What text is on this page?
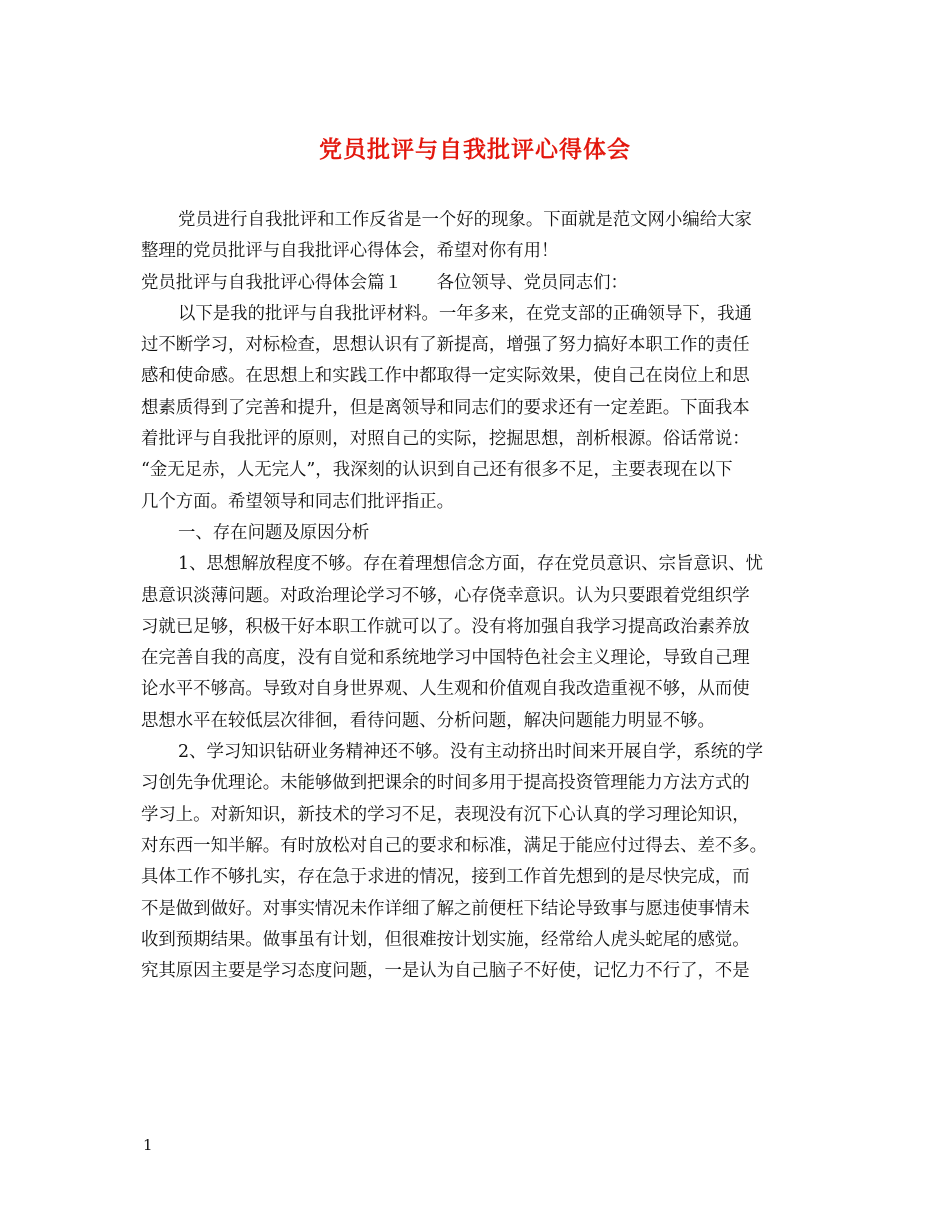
党员批评与自我批评心得体会
党员进行自我批评和工作反省是一个好的现象。下面就是范文网小编给大家
整理的党员批评与自我批评心得体会，希望对你有用！
党员批评与自我批评心得体会篇１　　各位领导、党员同志们：
以下是我的批评与自我批评材料。一年多来，在党支部的正确领导下，我通
过不断学习，对标检查，思想认识有了新提高，增强了努力搞好本职工作的责任
感和使命感。在思想上和实践工作中都取得一定实际效果，使自己在岗位上和思
想素质得到了完善和提升，但是离领导和同志们的要求还有一定差距。下面我本
着批评与自我批评的原则，对照自己的实际，挖掘思想，剖析根源。俗话常说：
“金无足赤，人无完人”，我深刻的认识到自己还有很多不足，主要表现在以下
几个方面。希望领导和同志们批评指正。
一、存在问题及原因分析
1、思想解放程度不够。存在着理想信念方面，存在党员意识、宗旨意识、忧
患意识淡薄问题。对政治理论学习不够，心存侥幸意识。认为只要跟着党组织学
习就已足够，积极干好本职工作就可以了。没有将加强自我学习提高政治素养放
在完善自我的高度，没有自觉和系统地学习中国特色社会主义理论，导致自己理
论水平不够高。导致对自身世界观、人生观和价值观自我改造重视不够，从而使
思想水平在较低层次徘徊，看待问题、分析问题，解决问题能力明显不够。
2、学习知识钻研业务精神还不够。没有主动挤出时间来开展自学，系统的学
习创先争优理论。未能够做到把课余的时间多用于提高投资管理能力方法方式的
学习上。对新知识，新技术的学习不足，表现没有沉下心认真的学习理论知识，
对东西一知半解。有时放松对自己的要求和标准，满足于能应付过得去、差不多。
具体工作不够扎实，存在急于求进的情况，接到工作首先想到的是尽快完成，而
不是做到做好。对事实情况未作详细了解之前便枉下结论导致事与愿违使事情未
收到预期结果。做事虽有计划，但很难按计划实施，经常给人虎头蛇尾的感觉。
究其原因主要是学习态度问题，一是认为自己脑子不好使，记忆力不行了，不是
1
